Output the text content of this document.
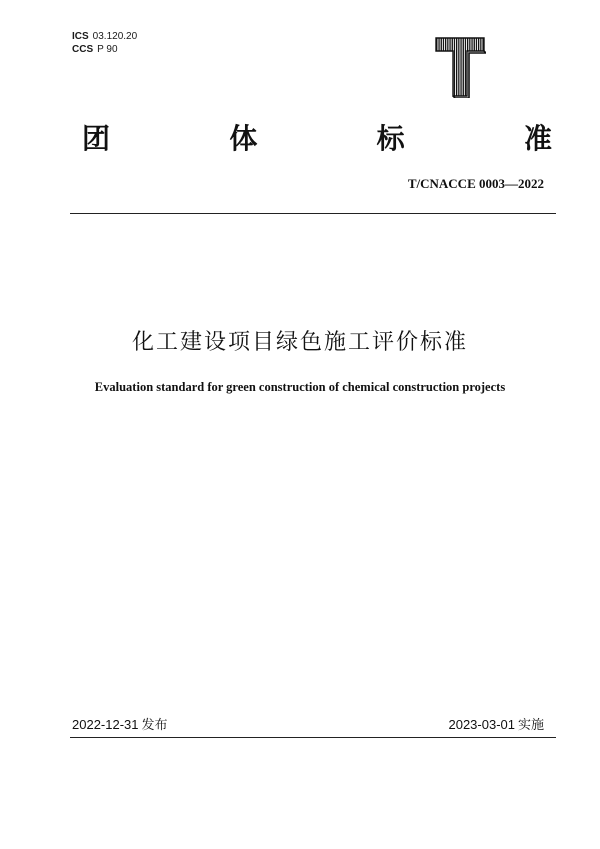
ICS 03.120.20
CCS P 90
团	体	标	准
T/CNACCE 0003—2022
化工建设项目绿色施工评价标准
Evaluation standard for green construction of chemical construction projects
2022-12-31 发布	2023-03-01 实施
